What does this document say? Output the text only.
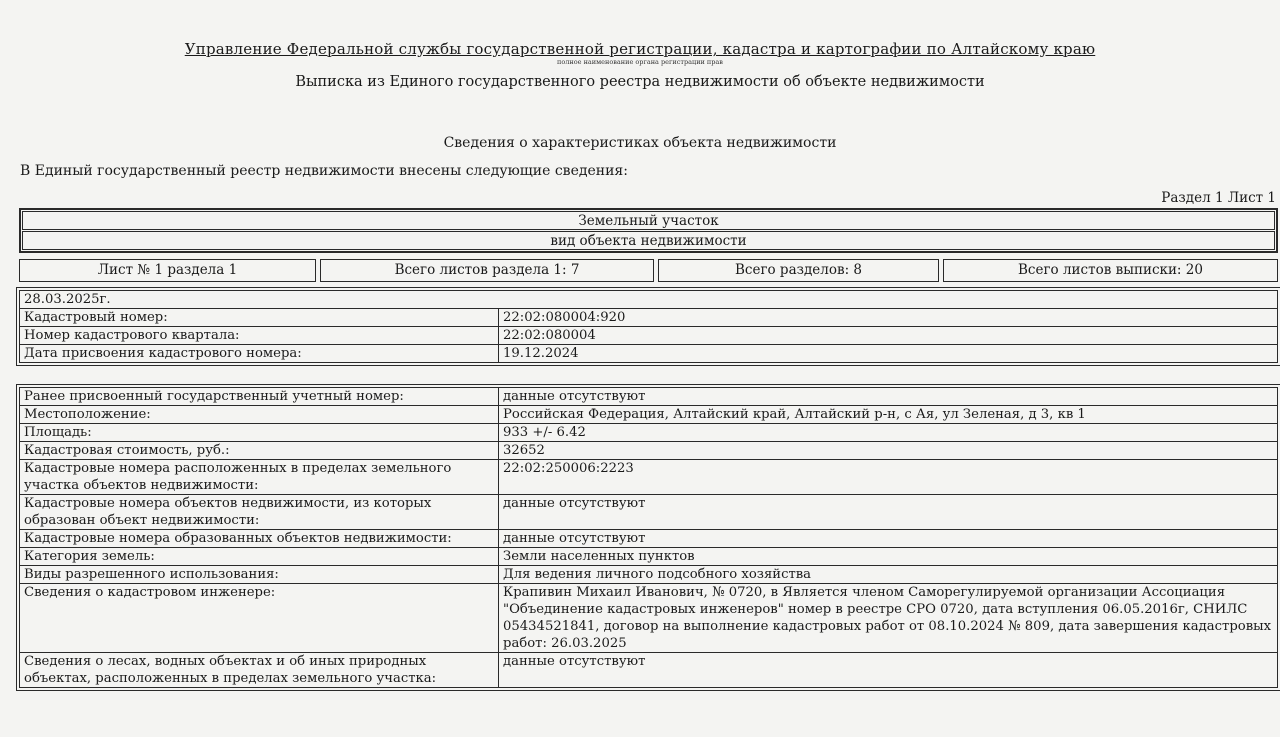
Управление Федеральной службы государственной регистрации, кадастра и картографии по Алтайскому краю
полное наименование органа регистрации прав
Выписка из Единого государственного реестра недвижимости об объекте недвижимости
Сведения о характеристиках объекта недвижимости
В Единый государственный реестр недвижимости внесены следующие сведения:
Раздел 1 Лист 1
Земельный участок
вид объекта недвижимости
Лист № 1 раздела 1	Всего листов раздела 1: 7	Всего разделов: 8	Всего листов выписки: 20
28.03.2025г.	
Кадастровый номер:	22:02:080004:920
Номер кадастрового квартала:	22:02:080004
Дата присвоения кадастрового номера:	19.12.2024
Ранее присвоенный государственный учетный номер:	данные отсутствуют
Местоположение:	Российская Федерация, Алтайский край, Алтайский р-н, с Ая, ул Зеленая, д 3, кв 1
Площадь:	933 +/- 6.42
Кадастровая стоимость, руб.:	32652
Кадастровые номера расположенных в пределах земельного участка объектов недвижимости:	22:02:250006:2223
Кадастровые номера объектов недвижимости, из которых образован объект недвижимости:	данные отсутствуют
Кадастровые номера образованных объектов недвижимости:	данные отсутствуют
Категория земель:	Земли населенных пунктов
Виды разрешенного использования:	Для ведения личного подсобного хозяйства
Сведения о кадастровом инженере:	Крапивин Михаил Иванович, № 0720, в Является членом Саморегулируемой организации Ассоциация "Объединение кадастровых инженеров" номер в реестре СРО 0720, дата вступления 06.05.2016г, СНИЛС 05434521841, договор на выполнение кадастровых работ от 08.10.2024 № 809, дата завершения кадастровых работ: 26.03.2025
Сведения о лесах, водных объектах и об иных природных объектах, расположенных в пределах земельного участка:	данные отсутствуют
